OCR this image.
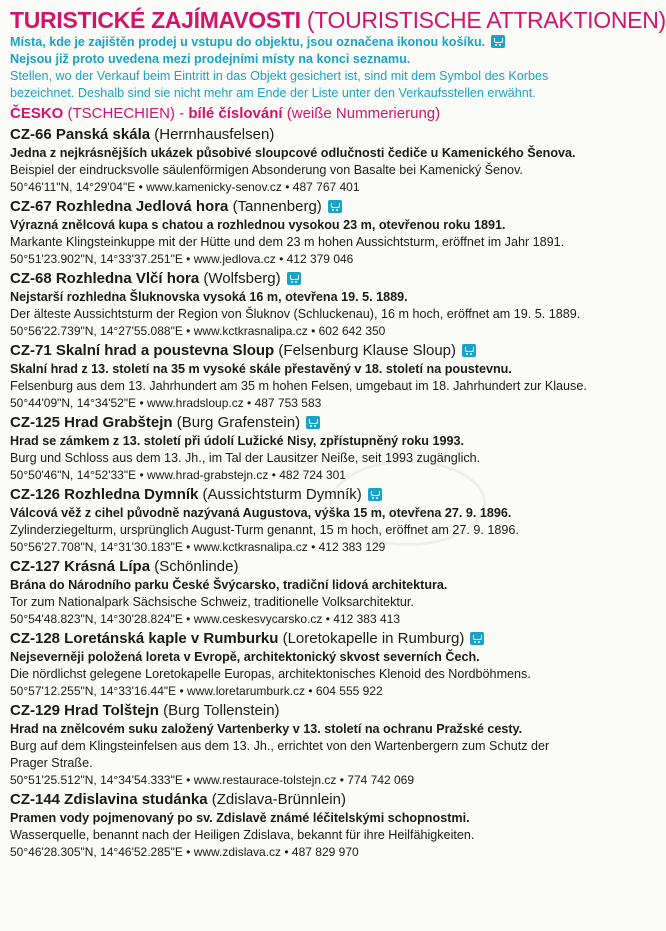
TURISTICKÉ ZAJÍMAVOSTI (TOURISTISCHE ATTRAKTIONEN)
Místa, kde je zajištěn prodej u vstupu do objektu, jsou označena ikonou košíku.
Nejsou již proto uvedena mezi prodejními místy na konci seznamu.
Stellen, wo der Verkauf beim Eintritt in das Objekt gesichert ist, sind mit dem Symbol des Korbes
bezeichnet. Deshalb sind sie nicht mehr am Ende der Liste unter den Verkaufsstellen erwähnt.
ČESKO (TSCHECHIEN) - bílé číslování (weiße Nummerierung)
CZ-66 Panská skála (Herrnhausfelsen)
Jedna z nejkrásnějších ukázek působivé sloupcové odlučnosti čediče u Kamenického Šenova.
Beispiel der eindrucksvolle säulenförmigen Absonderung von Basalte bei Kamenický Šenov.
50°46'11"N, 14°29'04"E • www.kamenicky-senov.cz • 487 767 401
CZ-67 Rozhledna Jedlová hora (Tannenberg)
Výrazná znělcová kupa s chatou a rozhlednou vysokou 23 m, otevřenou roku 1891.
Markante Klingsteinkuppe mit der Hütte und dem 23 m hohen Aussichtsturm, eröffnet im Jahr 1891.
50°51'23.902"N, 14°33'37.251"E • www.jedlova.cz • 412 379 046
CZ-68 Rozhledna Vlčí hora (Wolfsberg)
Nejstarší rozhledna Šluknovska vysoká 16 m, otevřena 19. 5. 1889.
Der älteste Aussichtsturm der Region von Šluknov (Schluckenau), 16 m hoch, eröffnet am 19. 5. 1889.
50°56'22.739"N, 14°27'55.088"E • www.kctkrasnalipa.cz • 602 642 350
CZ-71 Skalní hrad a poustevna Sloup (Felsenburg Klause Sloup)
Skalní hrad z 13. století na 35 m vysoké skále přestavěný v 18. století na poustevnu.
Felsenburg aus dem 13. Jahrhundert am 35 m hohen Felsen, umgebaut im 18. Jahrhundert zur Klause.
50°44'09"N, 14°34'52"E • www.hradsloup.cz • 487 753 583
CZ-125 Hrad Grabštejn (Burg Grafenstein)
Hrad se zámkem z 13. století při údolí Lužické Nisy, zpřístupněný roku 1993.
Burg und Schloss aus dem 13. Jh., im Tal der Lausitzer Neiße, seit 1993 zugänglich.
50°50'46"N, 14°52'33"E • www.hrad-grabstejn.cz • 482 724 301
CZ-126 Rozhledna Dymník (Aussichtsturm Dymník)
Válcová věž z cihel původně nazývaná Augustova, výška 15 m, otevřena 27. 9. 1896.
Zylinderziegelturm, ursprünglich August-Turm genannt, 15 m hoch, eröffnet am 27. 9. 1896.
50°56'27.708"N, 14°31'30.183"E • www.kctkrasnalipa.cz • 412 383 129
CZ-127 Krásná Lípa (Schönlinde)
Brána do Národního parku České Švýcarsko, tradiční lidová architektura.
Tor zum Nationalpark Sächsische Schweiz, traditionelle Volksarchitektur.
50°54'48.823"N, 14°30'28.824"E • www.ceskesvycarsko.cz • 412 383 413
CZ-128 Loretánská kaple v Rumburku (Loretokapelle in Rumburg)
Nejseverněji položená loreta v Evropě, architektonický skvost severních Čech.
Die nördlichst gelegene Loretokapelle Europas, architektonisches Klenoid des Nordböhmens.
50°57'12.255"N, 14°33'16.44"E • www.loretarumburk.cz • 604 555 922
CZ-129 Hrad Tolštejn (Burg Tollenstein)
Hrad na znělcovém suku založený Vartenberky v 13. století na ochranu Pražské cesty.
Burg auf dem Klingsteinfelsen aus dem 13. Jh., errichtet von den Wartenbergern zum Schutz der Prager Straße.
50°51'25.512"N, 14°34'54.333"E • www.restaurace-tolstejn.cz • 774 742 069
CZ-144 Zdislavina studánka (Zdislava-Brünnlein)
Pramen vody pojmenovaný po sv. Zdislavě známé léčitelskými schopnostmi.
Wasserquelle, benannt nach der Heiligen Zdislava, bekannt für ihre Heilfähigkeiten.
50°46'28.305"N, 14°46'52.285"E • www.zdislava.cz • 487 829 970
